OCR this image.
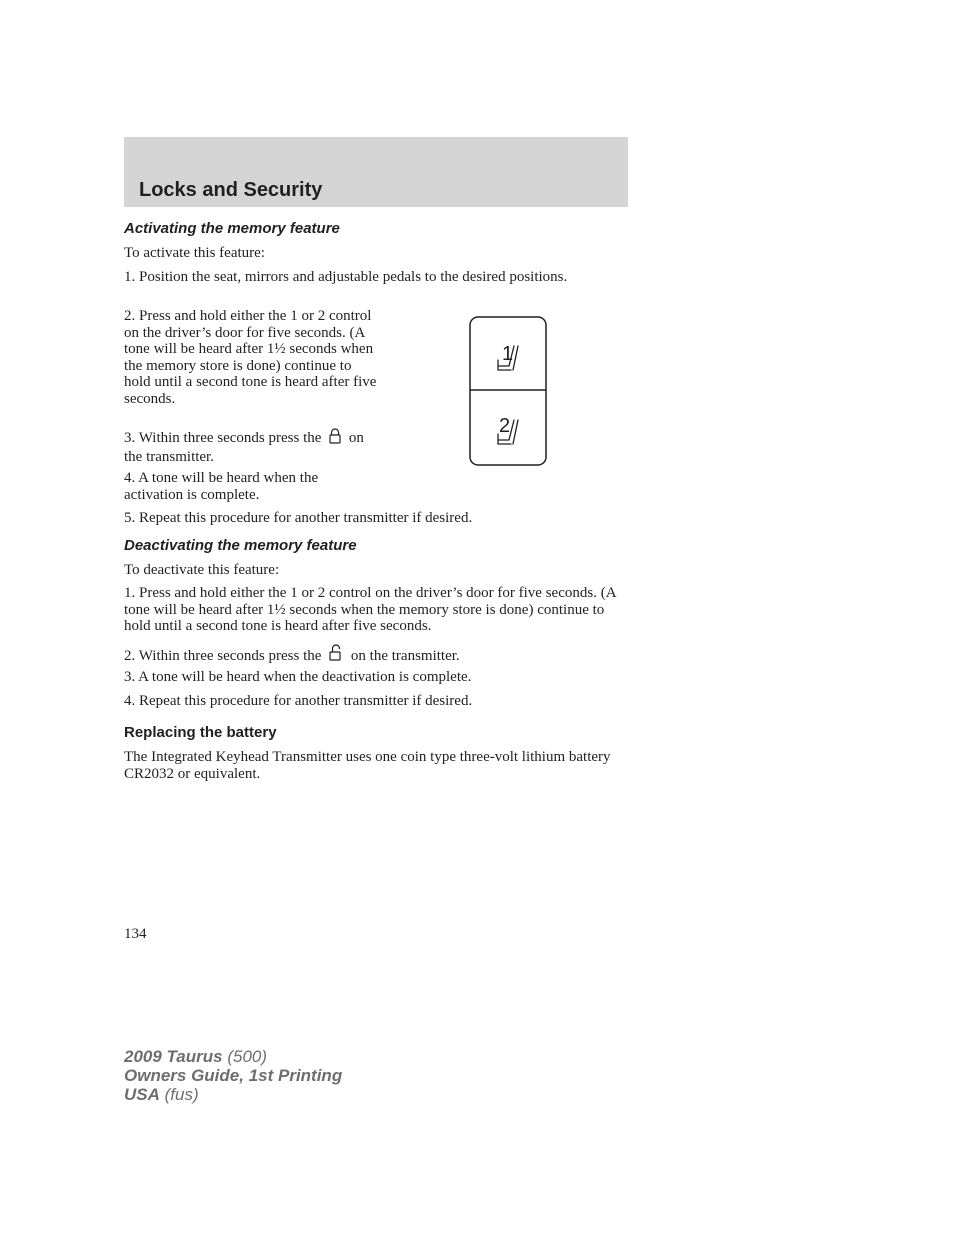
Locks and Security
Activating the memory feature

To activate this feature:

1. Position the seat, mirrors and adjustable pedals to the desired positions.

2. Press and hold either the 1 or 2 control on the driver’s door for five seconds. (A tone will be heard after 1½ seconds when the memory store is done) continue to hold until a second tone is heard after five seconds.

3. Within three seconds press the on the transmitter.

4. A tone will be heard when the activation is complete.

5. Repeat this procedure for another transmitter if desired.

1
2
Deactivating the memory feature

To deactivate this feature:

1. Press and hold either the 1 or 2 control on the driver’s door for five seconds. (A tone will be heard after 1½ seconds when the memory store is done) continue to hold until a second tone is heard after five seconds.

2. Within three seconds press the on the transmitter.

3. A tone will be heard when the deactivation is complete.

4. Repeat this procedure for another transmitter if desired.

Replacing the battery

The Integrated Keyhead Transmitter uses one coin type three-volt lithium battery CR2032 or equivalent.

134

2009 Taurus (500)
Owners Guide, 1st Printing
USA (fus)
